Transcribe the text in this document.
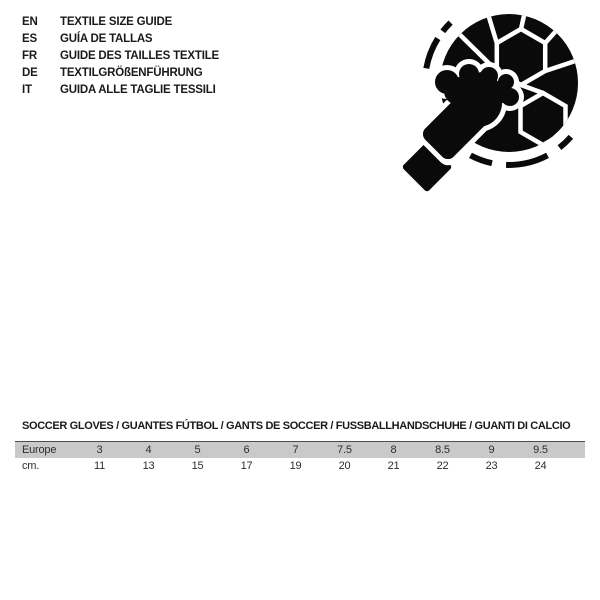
EN	TEXTILE SIZE GUIDE
ES	GUÍA DE TALLAS
FR	GUIDE DES TAILLES TEXTILE
DE	TEXTILGRÖßENFÜHRUNG
IT	GUIDA ALLE TAGLIE TESSILI
SOCCER GLOVES / GUANTES FÚTBOL / GANTS DE SOCCER / FUSSBALLHANDSCHUHE / GUANTI DI CALCIO
Europe	3	4	5	6	7	7.5	8	8.5	9	9.5	
cm.	11	13	15	17	19	20	21	22	23	24	
